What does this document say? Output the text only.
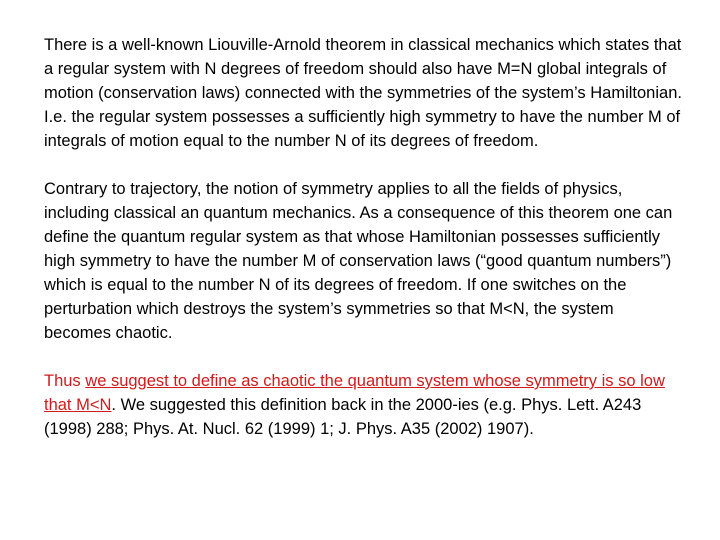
There is a well-known Liouville-Arnold theorem in classical mechanics which states that a regular system with N degrees of freedom should also have M=N global integrals of motion (conservation laws) connected with the symmetries of the system’s Hamiltonian. I.e. the regular system possesses a sufficiently high symmetry to have the number M of integrals of motion equal to the number N of its degrees of freedom.

Contrary to trajectory, the notion of symmetry applies to all the fields of physics, including classical an quantum mechanics. As a consequence of this theorem one can define the quantum regular system as that whose Hamiltonian possesses sufficiently high symmetry to have the number M of conservation laws (“good quantum numbers”) which is equal to the number N of its degrees of freedom. If one switches on the perturbation which destroys the system’s symmetries so that M<N, the system becomes chaotic.

Thus we suggest to define as chaotic the quantum system whose symmetry is so low that M<N. We suggested this definition back in the 2000-ies (e.g. Phys. Lett. A243 (1998) 288; Phys. At. Nucl. 62 (1999) 1; J. Phys. A35 (2002) 1907).
